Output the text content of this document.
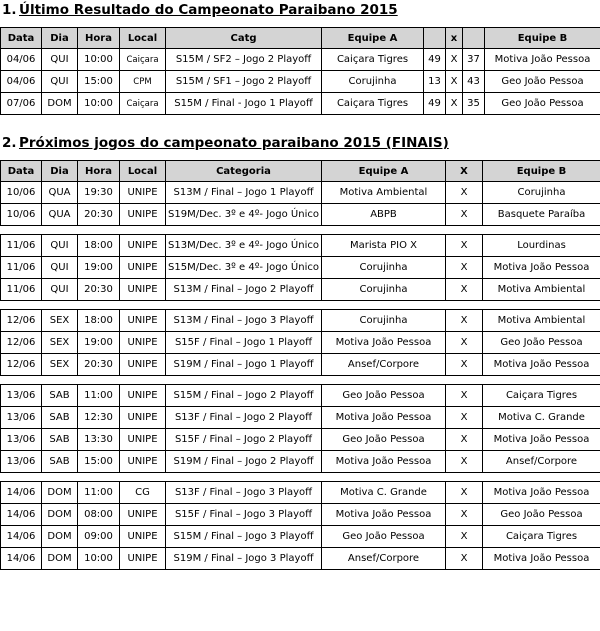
1. Último Resultado do Campeonato Paraibano 2015
Data	Dia	Hora	Local	Catg	Equipe A		x		Equipe B
04/06	QUI	10:00	Caiçara	S15M / SF2 – Jogo 2 Playoff	Caiçara Tigres	49	X	37	Motiva João Pessoa
04/06	QUI	15:00	CPM	S15M / SF1 – Jogo 2 Playoff	Corujinha	13	X	43	Geo João Pessoa
07/06	DOM	10:00	Caiçara	S15M / Final - Jogo 1 Playoff	Caiçara Tigres	49	X	35	Geo João Pessoa
2. Próximos jogos do campeonato paraibano 2015 (FINAIS)
Data	Dia	Hora	Local	Categoria	Equipe A	X	Equipe B
10/06	QUA	19:30	UNIPE	S13M / Final – Jogo 1 Playoff	Motiva Ambiental	X	Corujinha
10/06	QUA	20:30	UNIPE	S19M/Dec. 3º e 4º- Jogo Único	ABPB	X	Basquete Paraíba

11/06	QUI	18:00	UNIPE	S13M/Dec. 3º e 4º- Jogo Único	Marista PIO X	X	Lourdinas
11/06	QUI	19:00	UNIPE	S15M/Dec. 3º e 4º- Jogo Único	Corujinha	X	Motiva João Pessoa
11/06	QUI	20:30	UNIPE	S13M / Final – Jogo 2 Playoff	Corujinha	X	Motiva Ambiental

12/06	SEX	18:00	UNIPE	S13M / Final – Jogo 3 Playoff	Corujinha	X	Motiva Ambiental
12/06	SEX	19:00	UNIPE	S15F / Final – Jogo 1 Playoff	Motiva João Pessoa	X	Geo João Pessoa
12/06	SEX	20:30	UNIPE	S19M / Final – Jogo 1 Playoff	Ansef/Corpore	X	Motiva João Pessoa

13/06	SAB	11:00	UNIPE	S15M / Final – Jogo 2 Playoff	Geo João Pessoa	X	Caiçara Tigres
13/06	SAB	12:30	UNIPE	S13F / Final – Jogo 2 Playoff	Motiva João Pessoa	X	Motiva C. Grande
13/06	SAB	13:30	UNIPE	S15F / Final – Jogo 2 Playoff	Geo João Pessoa	X	Motiva João Pessoa
13/06	SAB	15:00	UNIPE	S19M / Final – Jogo 2 Playoff	Motiva João Pessoa	X	Ansef/Corpore

14/06	DOM	11:00	CG	S13F / Final – Jogo 3 Playoff	Motiva C. Grande	X	Motiva João Pessoa
14/06	DOM	08:00	UNIPE	S15F / Final – Jogo 3 Playoff	Motiva João Pessoa	X	Geo João Pessoa
14/06	DOM	09:00	UNIPE	S15M / Final – Jogo 3 Playoff	Geo João Pessoa	X	Caiçara Tigres
14/06	DOM	10:00	UNIPE	S19M / Final – Jogo 3 Playoff	Ansef/Corpore	X	Motiva João Pessoa
